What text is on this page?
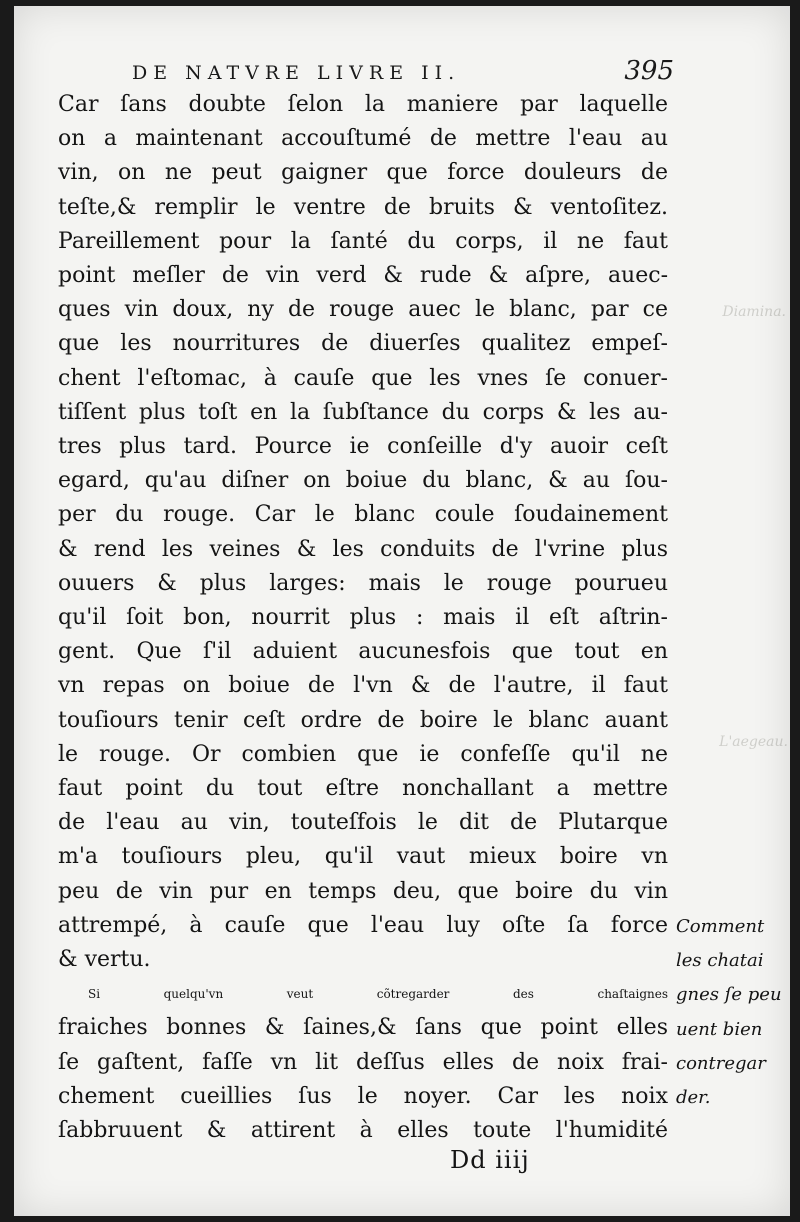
Diamina.
L'aegeau.
DE NATVRE LIVRE II.	395
Car ſans doubte ſelon la maniere par laquelle
on a maintenant accouſtumé de mettre l'eau au
vin, on ne peut gaigner que force douleurs de
teſte,& remplir le ventre de bruits & ventoſitez.
Pareillement pour la ſanté du corps, il ne faut
point meſler de vin verd & rude & aſpre, auec-
ques vin doux, ny de rouge auec le blanc, par ce
que les nourritures de diuerſes qualitez empeſ-
chent l'eſtomac, à cauſe que les vnes ſe conuer-
tiſſent plus toſt en la ſubſtance du corps & les au-
tres plus tard. Pource ie conſeille d'y auoir ceſt
egard, qu'au diſner on boiue du blanc, & au ſou-
per du rouge. Car le blanc coule ſoudainement
& rend les veines & les conduits de l'vrine plus
ouuers & plus larges: mais le rouge pourueu
qu'il ſoit bon, nourrit plus : mais il eſt aſtrin-
gent. Que ſ'il aduient aucunesfois que tout en
vn repas on boiue de l'vn & de l'autre, il faut
touſiours tenir ceſt ordre de boire le blanc auant
le rouge. Or combien que ie confeſſe qu'il ne
faut point du tout eſtre nonchallant a mettre
de l'eau au vin, touteſfois le dit de Plutarque
m'a touſiours pleu, qu'il vaut mieux boire vn
peu de vin pur en temps deu, que boire du vin
attrempé, à cauſe que l'eau luy oſte ſa force
& vertu.
Si quelqu'vn veut cõtregarder des chaſtaignes
fraiches bonnes & ſaines,& ſans que point elles
ſe gaſtent, faſſe vn lit deſſus elles de noix frai-
chement cueillies ſus le noyer. Car les noix
ſabbruuent & attirent à elles toute l'humidité
Comment
les chatai
gnes ſe peu
uent bien
contregar
der.
Dd iiij
